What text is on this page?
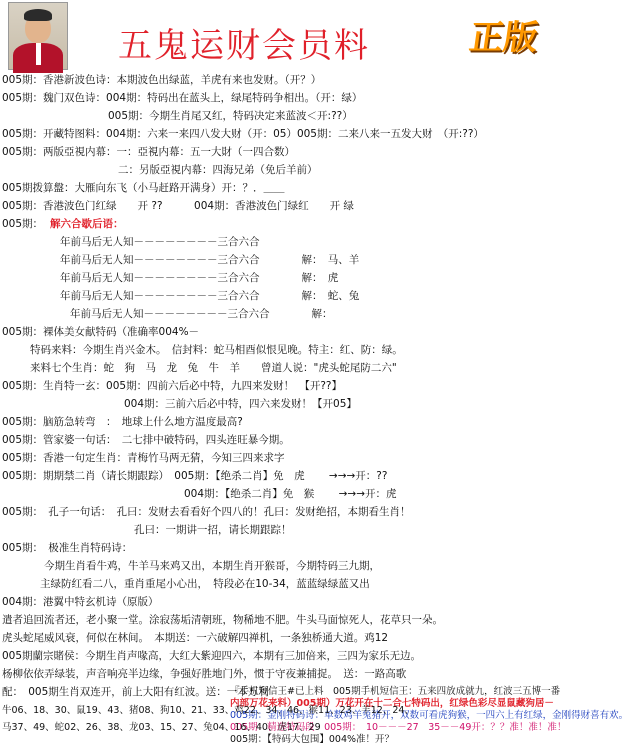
五鬼运财会员料	正版
005期：香港新波色诗：本期波色出绿蓝，羊虎有来也发财。（开？）
005期：魏门双色诗：004期：特码出在蓝头上，绿尾特码争相出。（开：绿）
005期：今期生肖尾又红，特码决定来蓝波＜开:??）
005期：开藏特图料：004期：六来一来四八发大财（开：05）005期：二来八来一五发大财　（开:??）
005期：两版亞視内幕：一：亞視内幕：五一大財（一四合数）
二：另版亞視内幕：四海兄弟（免后羊前）
005期拨算盤：大雁向东飞（小马赶路开满身）开：？．＿＿
005期：香港波色门红绿　　开 ??　　　004期：香港波色门绿红　　开 绿
005期： 解六合歇后语：
年前马后无人知－－－－－－－－三合六合
年前马后无人知－－－－－－－－三合六合　　　　解：　马、羊
年前马后无人知－－－－－－－－三合六合　　　　解：　虎
年前马后无人知－－－－－－－－三合六合　　　　解：　蛇、兔
年前马后无人知－－－－－－－－三合六合　　　　解：
005期：裸体美女献特码（准确率004%－
特码来料：今期生肖兴金木。　信封料：蛇马相酉似恨见晚。特主：红、防：绿。
来料七个生肖：蛇　狗　马　龙　兔　牛　羊　　曾道人说："虎头蛇尾防二六"
005期：生肖特一玄：005期：四前六后必中特，九四来发财！　【开??】
004期：三前六后必中特，四六来发财！【开05】
005期：脑筋急转弯　：　地球上什么地方温度最高?
005期：管家婆一句话：　二七排中破特码，四头连旺暴今期。
005期：香港一句定生肖：青梅竹马两无猜，今知三四来求字
005期：期期禁二肖（请长期跟踪）　005期：【绝杀二肖】免　虎　　 →→→开：??
004期：【绝杀二肖】免　猴　　 →→→开：虎
005期：　孔子一句话：　孔曰：发财去看看好个四八的！孔曰：发财绝招，本期看生肖！
孔曰：一期讲一招，请长期跟踪！
005期：　极准生肖特码诗：
今期生肖看牛鸡，牛羊马来鸡又出，本期生肖开猴哥，今期特码三九期，
主绿防红看二八，重肖重尾小心出，　特段必在10-34，蓝蓝绿绿蓝又出
004期：港翼中特玄机诗（原版）
遣者追回流者还，老小聚一堂。涂寂荡垢清朝班，物稀地不肥。牛头马面惊死人，花草只一朵。
虎头蛇尾威风衰，何似在林间。　本期送：一六破解四禅机，一条独桥通大道。鸡12
005期蘭宗賭侯：今期生肖声喙高，大红大紫迎四六，本期有三加倍来，三四为家乐无边。
杨柳依依弄绿装，声音响亮半边缘，争强好胜地门外，惯于守夜兼捕捉。　送：一路高歌
配：　005期生肖双连开，前上大阳有红波。送：一本万利
『手机短信王#已上料　005期手机短信王：五来四放成就九，红波三五博一番
内部万花来料）005期）万花开在十二合七特码出，红绿色彩尽显鼠藏狗居－
005期：金刚特码诗：单数鸡羊兔猪开，双数可看虎狗猴，一四六上有红绿，金刚得财喜有欢。
005期：精选特码段　005期：　10－－－27　35－－49开：？？准！准！准！
005期：【特码大包围】004%准！开？
牛06、18、30、鼠19、43、猪08、狗10、21、33、鸡22、34、46、猴11、23、羊12、24、
马37、49、蛇02、26、38、龙03、15、27、兔04、16、40、虎17、29
